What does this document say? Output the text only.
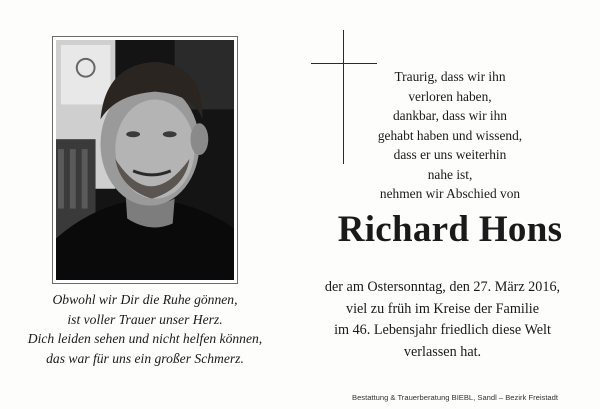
Traurig, dass wir ihn
verloren haben,
dankbar, dass wir ihn
gehabt haben und wissend,
dass er uns weiterhin
nahe ist,
nehmen wir Abschied von
Richard Hons
der am Ostersonntag, den 27. März 2016,
viel zu früh im Kreise der Familie
im 46. Lebensjahr friedlich diese Welt
verlassen hat.
Obwohl wir Dir die Ruhe gönnen,
ist voller Trauer unser Herz.
Dich leiden sehen und nicht helfen können,
das war für uns ein großer Schmerz.
Bestattung & Trauerberatung BIEBL, Sandl – Bezirk Freistadt
